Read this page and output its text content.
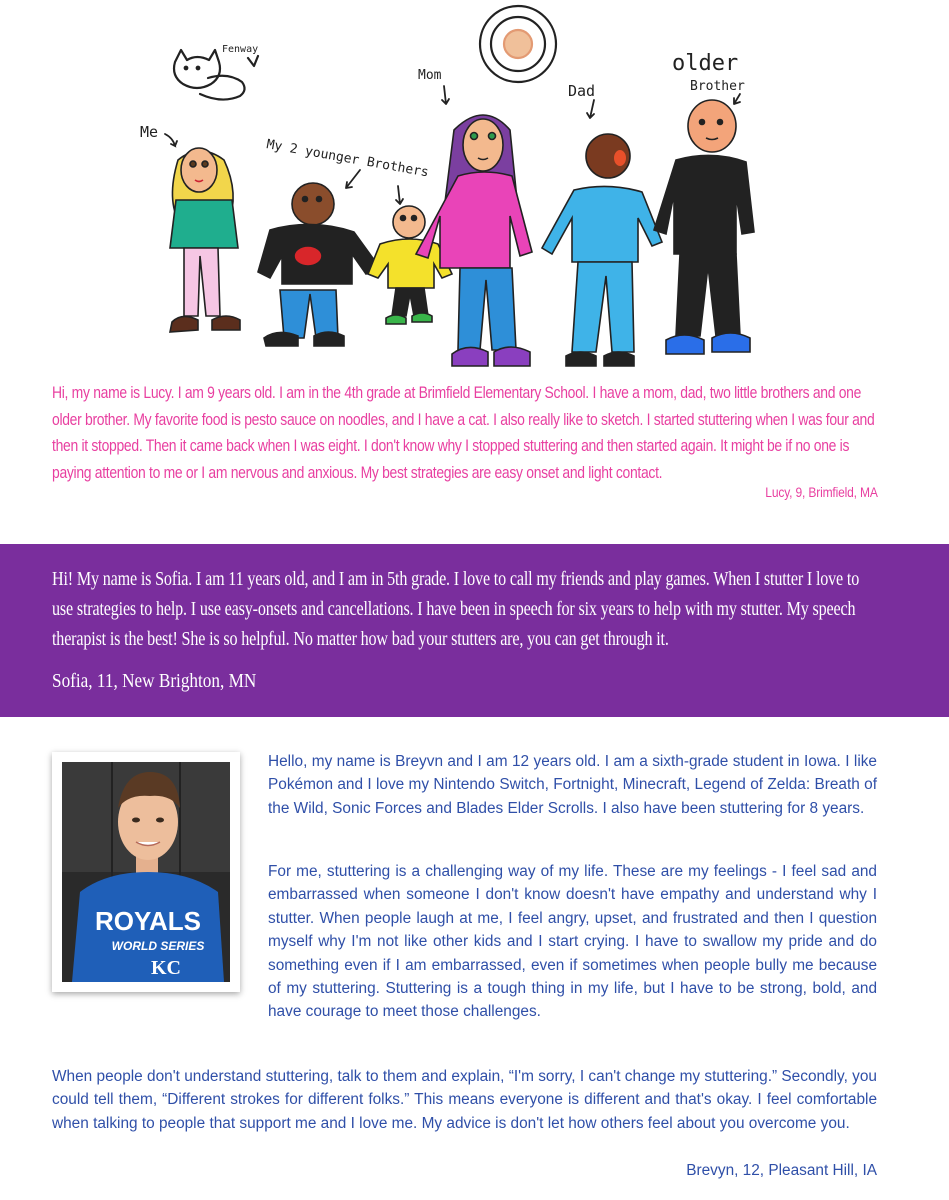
Fenway
Me
My 2 younger Brothers
Mom
Dad
older
Brother
Hi, my name is Lucy. I am 9 years old. I am in the 4th grade at Brimfield Elementary School. I have a mom, dad, two little brothers and one older brother. My favorite food is pesto sauce on noodles, and I have a cat. I also really like to sketch. I started stuttering when I was four and then it stopped. Then it came back when I was eight. I don't know why I stopped stuttering and then started again. It might be if no one is paying attention to me or I am nervous and anxious. My best strategies are easy onset and light contact.
Lucy, 9, Brimfield, MA
Hi! My name is Sofia. I am 11 years old, and I am in 5th grade. I love to call my friends and play games. When I stutter I love to use strategies to help. I use easy-onsets and cancellations. I have been in speech for six years to help with my stutter. My speech therapist is the best! She is so helpful. No matter how bad your stutters are, you can get through it.
Sofia, 11, New Brighton, MN
ROYALS
WORLD SERIES
KC

Hello, my name is Breyvn and I am 12 years old. I am a sixth-grade student in Iowa. I like Pokémon and I love my Nintendo Switch, Fortnight, Minecraft, Legend of Zelda: Breath of the Wild, Sonic Forces and Blades Elder Scrolls. I also have been stuttering for 8 years.

For me, stuttering is a challenging way of my life. These are my feelings - I feel sad and embarrassed when someone I don't know doesn't have empathy and understand why I stutter. When people laugh at me, I feel angry, upset, and frustrated and then I question myself why I'm not like other kids and I start crying. I have to swallow my pride and do something even if I am embarrassed, even if sometimes when people bully me because of my stuttering. Stuttering is a tough thing in my life, but I have to be strong, bold, and have courage to meet those challenges.

When people don't understand stuttering, talk to them and explain, “I'm sorry, I can't change my stuttering.” Secondly, you could tell them, “Different strokes for different folks.” This means everyone is different and that's okay. I feel comfortable when talking to people that support me and I love me. My advice is don't let how others feel about you overcome you.

Brevyn, 12, Pleasant Hill, IA
